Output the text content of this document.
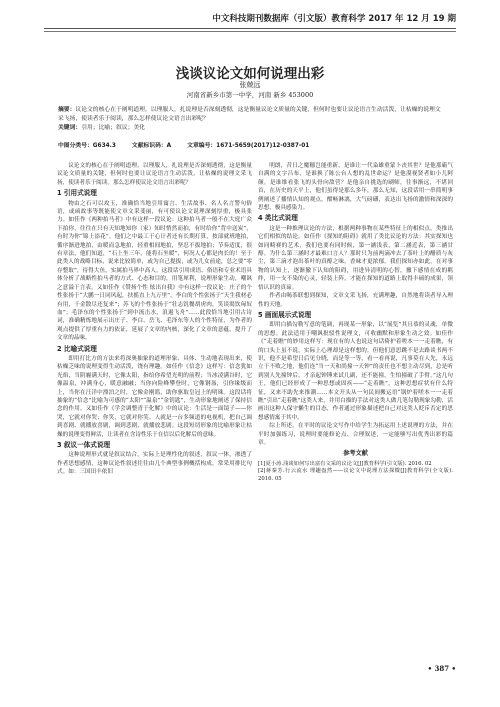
中文科技期刊数据库（引文版）教育科学 2017 年 12 月 19 期
浅谈议论文如何说理出彩
张兢远
河南省新乡市第一中学，河南 新乡 453000
摘要：议论文的核心在于阐明道理，以理服人，扎说理是否深刻透彻，这是衡量议论文质量的关键，但何时也要让议论语言生动活泼，让枯燥的说理文采飞扬，使读者乐于阅读，那么怎样使议论文语言出彩呢？
关键词：引用；比喻；叙议；美化
中图分类号：G634.3	文献标识码：A	文章编号：1671-5659(2017)12-0387-01

议论文的核心在于阐明道理，以理服人，扎说理是否深刻透彻，这是衡量议论文质量的关键，但何时也要让议论语言生动活泼，让枯燥的说理文采飞扬，使读者乐于阅读。那么怎样使议论文语言出彩呢？

1 引用式说理

物由之石可以攻玉，准确恰当地引用寓言、生活故事、名人名言警句俗语，或函故事等既能使文章文采斐丽，有可使议论文说理深刻厚重，极具张力。如佳作《两种拍马者》中有这样一段议论：这种拍马者一般不在大庭广众下拍你，往往在只有天知地知你（家）知时悄然而拍，有时给你“背中送炭”，有时为你“锦上添花”。他们之中最工于心计者还有长期打算，按部就班地拍，循序渐进地拍，由暖而急地拍，轻重相间地拍，坚忍不拔地拍；节奏适度，很有章法，他们知道，“石上坐三年，能将石坐暖”，何况人心都是肉长的！至于此类人的战略目标，说来比较简单，或为自己提拔，或为儿女前途，总之要“零存整取”，待得大鱼，实属拍马界中高人。这段话引用成语、俗语和专业术语具体分析了战略性拍马者的方式、心态和目的，用笔犀利，说理形象生动，嘲讽之意溢于言表。又如佳作《赞扬个性 炫出自我》中有这样一段议论：庄子的个性张扬于“大鹏一日同风起，扶摇直上九万里”，李白的个性张扬于“天生我材必有用，千金散尽还复来”；苏飞的个性张扬于“壮志饥餐胡虏肉，笑谈渴饮匈奴血”；毛泽东的个性张扬于“到中流击水，浪遏飞舟”……此段恰当地引用古诗词，准确精炼地展示出庄子、李白、岳飞、毛泽东等人的个性特征，为作者的观点提供了厚重有力的依证，延展了文章的内核，深化了文章的意蕴，提升了文章的品味。

2 比喻式说理

即用打比方的方法来将深奥抽象的道理形象、具体、生动地表现出来，使枯燥乏味的说理变得生动活泼，饶有理趣。如佳作《信念》这样写：信念犹如光焰，当阴霾满天时，它像太阳，指给你希望光明的前程；当冰凌满谷时，它像温泉，冲满身心，暖意融融；当你向险峰攀登时，它像钢盔，引你缘级而上，当你在汪洋中漂泊之时，它像金刚篮，助你驱取皇冠上的明珠。这段话将抽象的“信念”比喻为可感的“太阳”“温泉”“金钥匙”，生动形象地阐述了保持信念的作用。又如佳作《学会调整青于化解》中的议论：生活是一面镜子——你哭，它就对你哭；你笑，它就对你笑。人就是一台多频道的电视机，把自己调到喜剧、就播放喜剧，调到悲剧，就播放悲剧。这段短切形象的比喻形象让枯燥的说理变得鲜活，让读者在含诗性乐于在信以后化解后的意味。

3 叙议一体式说理

这种说理形式就是叙议结合，实际上是理性化的叙述，叙议一体，渗透了作者思想感情，这种议论性叙述往往由几个典型事例概括构成，常采用排比句式。如：三国田丰依旧

明朗，昔日之魔穗岂能重新，是谁让一代枭雄重蒙卜丧其世？是他那霸气自满的文字吕布，是谁换了陈公台人想的乱世命运？是他漠视贤者如小儿阿颠。是谁维看张飞的头骨向敌营？是他亲自挑选的刷师，往事渐远，不堪回首，在历史的天平上，他们虽得是那么多年，那么无知，这段话用一串简明事例阐述了播情认知的观点，酣畅淋漓，大气磅礴，表达出飞扬的激情和深深的思想，极具感染力。

4 类比式说理

这是一种推理议论的方法，根据两种事物在某些特征上的相似点，类推出它们相似的结论。如佳作《探知的阻碍》就用了类比议论的方法：其实探知也如同畸赛的艺术，我们也要有同时候，第一涵浅表，第二涵近表，第三涵甘醇。为什么第三涵时才最难口言人？那时只为前两滴冲去了茶叶上的醋质与灰尘，第三滴才泡出茶叶的真醇之味。香味才更浓郁。我们探知亦如此。在对事物的认知上，逐渐撤下认知的阻碍，用进异清明的心智，撤下感情在成的羁绊，用一支不染的心灵，轻装上阵，才能在探知的道路上取得丰硕的成果，领悟认识的真谛。

作者由喝茶联想到探知，文章文采飞扬，充满理趣，自然地将读者导入理性的天地。

5 画面展示式说理

即用白描勾勒写意的笔调，再现某一形象，以“展览”其且恭的灵魂，单微的思想。此法适用于嘲讽批驳性说理文，可收幽默和形象生动之效。如佳作《“走着瞧”的妙用这样写：现在有的人也说这句话倚护着嗟本一一走着瞧，有的口头上虽不说，实际上心理却是这样想的。但他们意思跳不是去路谈书两不识，他不是希望日后见分晓，而是等一等，看一看再说，凡事莫在人先，永远立于不败之地，他们连“当一天和尚撞一天钟”的责任也不想主动尽到，总是听到别人先撞钟后，才亲起钟锤来试几副，还不能撞，生怕撞破了手臂。”这几句王，他们已经形成了一种思想或固疾——“走着瞧”。这种思想症状有什么特征，又来不助先来推潮……本文开头从一句民间搬运语“锅炉着嗟本一一走着瞧”引出“走着瞧”这类人来，并用白描的手法对这类人做几笔勾勒现象勾勒，活画出这种人保守懒生的目态，作者通过形象描述把自己对这类人贬斥否定的思想感情寓于其中。

综上所述，在平时的议论文写作中给学生为拓运用上述说理的方法，并在平时加强练习，说理时要能修论点、合理叙述，一定能够写出优秀出彩的篇章。

参考文献

[1]夏小涛.浅谈如何写出富有文采的议论文[J]教育科学(引文版). 2016. 02

[2]蒋秦芳.行云流水 理趣盎然——议论文中说理方法探微[J]教育科学(全文版). 2016. 05

• 387 •
